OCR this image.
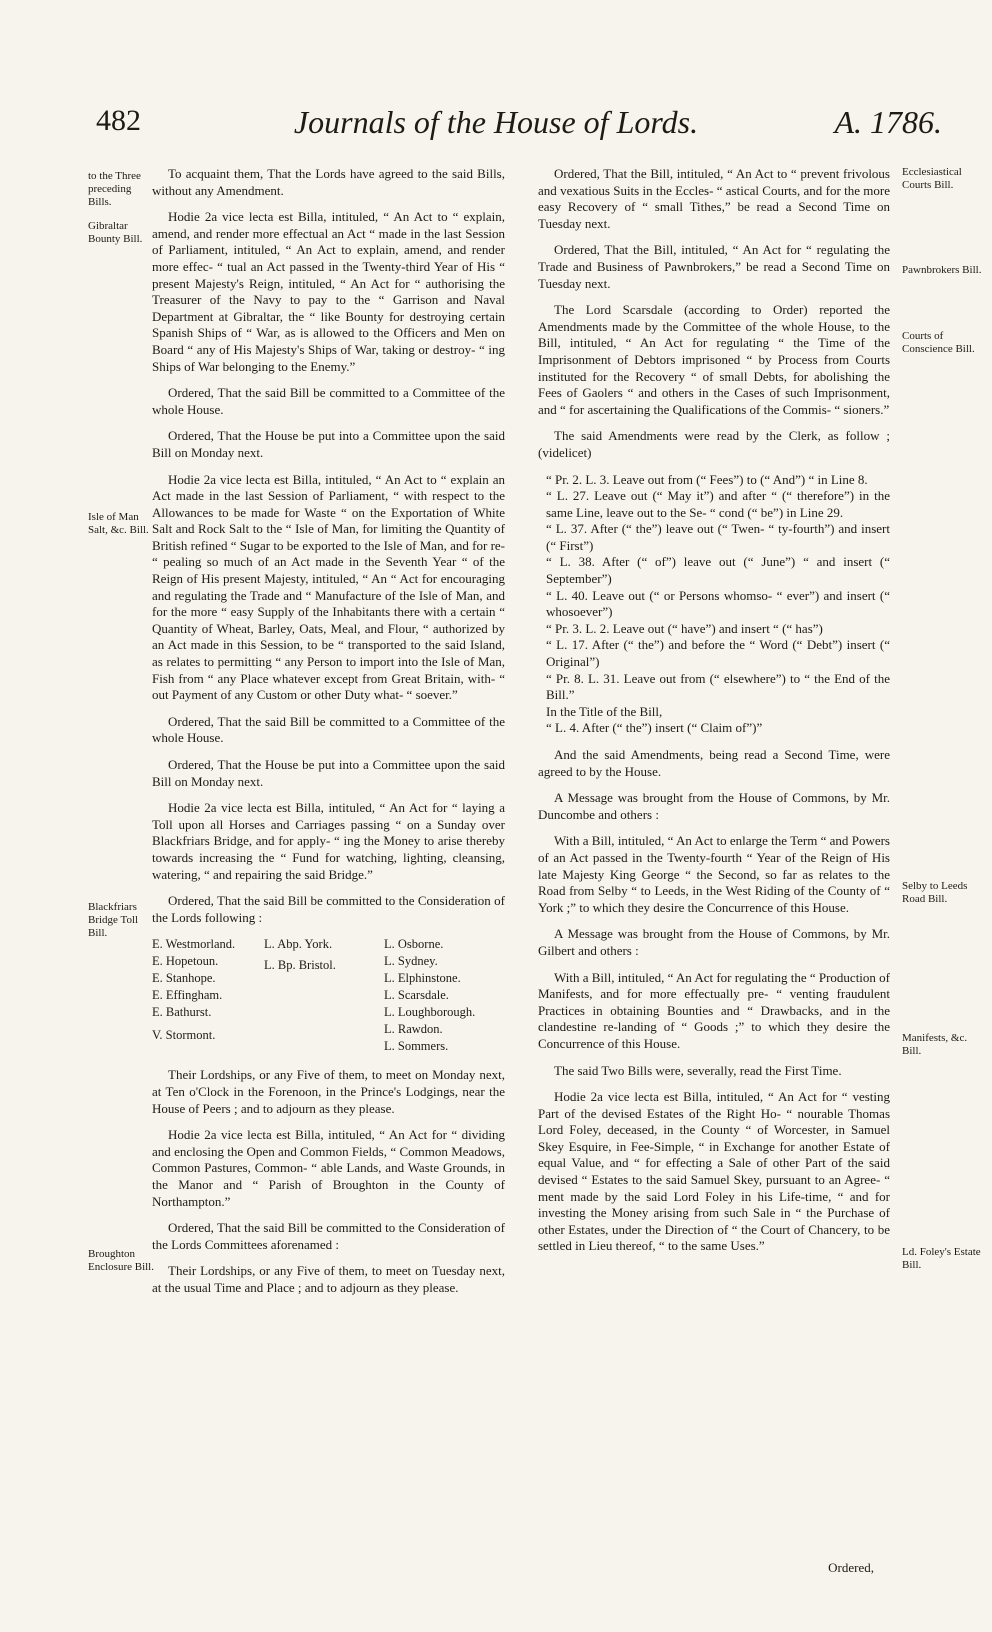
482	Journals of the House of Lords.	A. 1786.
to the Three preceding Bills.
Gibraltar Bounty Bill.
Isle of Man Salt, &c. Bill.
Blackfriars Bridge Toll Bill.
Broughton Enclosure Bill.
Ecclesiastical Courts Bill.
Pawnbrokers Bill.
Courts of Conscience Bill.
Selby to Leeds Road Bill.
Manifests, &c. Bill.
Ld. Foley's Estate Bill.

To acquaint them, That the Lords have agreed to the said Bills, without any Amendment.

Hodie 2a vice lecta est Billa, intituled, “ An Act to “ explain, amend, and render more effectual an Act “ made in the last Session of Parliament, intituled, “ An Act to explain, amend, and render more effec- “ tual an Act passed in the Twenty-third Year of His “ present Majesty's Reign, intituled, “ An Act for “ authorising the Treasurer of the Navy to pay to the “ Garrison and Naval Department at Gibraltar, the “ like Bounty for destroying certain Spanish Ships of “ War, as is allowed to the Officers and Men on Board “ any of His Majesty's Ships of War, taking or destroy- “ ing Ships of War belonging to the Enemy.”

Ordered, That the said Bill be committed to a Committee of the whole House.

Ordered, That the House be put into a Committee upon the said Bill on Monday next.

Hodie 2a vice lecta est Billa, intituled, “ An Act to “ explain an Act made in the last Session of Parliament, “ with respect to the Allowances to be made for Waste “ on the Exportation of White Salt and Rock Salt to the “ Isle of Man, for limiting the Quantity of British refined “ Sugar to be exported to the Isle of Man, and for re- “ pealing so much of an Act made in the Seventh Year “ of the Reign of His present Majesty, intituled, “ An “ Act for encouraging and regulating the Trade and “ Manufacture of the Isle of Man, and for the more “ easy Supply of the Inhabitants there with a certain “ Quantity of Wheat, Barley, Oats, Meal, and Flour, “ authorized by an Act made in this Session, to be “ transported to the said Island, as relates to permitting “ any Person to import into the Isle of Man, Fish from “ any Place whatever except from Great Britain, with- “ out Payment of any Custom or other Duty what- “ soever.”

Ordered, That the said Bill be committed to a Committee of the whole House.

Ordered, That the House be put into a Committee upon the said Bill on Monday next.

Hodie 2a vice lecta est Billa, intituled, “ An Act for “ laying a Toll upon all Horses and Carriages passing “ on a Sunday over Blackfriars Bridge, and for apply- “ ing the Money to arise thereby towards increasing the “ Fund for watching, lighting, cleansing, watering, “ and repairing the said Bridge.”

Ordered, That the said Bill be committed to the Consideration of the Lords following :

E. Westmorland.
E. Hopetoun.
E. Stanhope.
E. Effingham.
E. Bathurst.
V. Stormont.
L. Abp. York.
L. Bp. Bristol.
L. Osborne.
L. Sydney.
L. Elphinstone.
L. Scarsdale.
L. Loughborough.
L. Rawdon.
L. Sommers.

Their Lordships, or any Five of them, to meet on Monday next, at Ten o'Clock in the Forenoon, in the Prince's Lodgings, near the House of Peers ; and to adjourn as they please.

Hodie 2a vice lecta est Billa, intituled, “ An Act for “ dividing and enclosing the Open and Common Fields, “ Common Meadows, Common Pastures, Common- “ able Lands, and Waste Grounds, in the Manor and “ Parish of Broughton in the County of Northampton.”

Ordered, That the said Bill be committed to the Consideration of the Lords Committees aforenamed :

Their Lordships, or any Five of them, to meet on Tuesday next, at the usual Time and Place ; and to adjourn as they please.

Ordered, That the Bill, intituled, “ An Act to “ prevent frivolous and vexatious Suits in the Eccles- “ astical Courts, and for the more easy Recovery of “ small Tithes,” be read a Second Time on Tuesday next.

Ordered, That the Bill, intituled, “ An Act for “ regulating the Trade and Business of Pawnbrokers,” be read a Second Time on Tuesday next.

The Lord Scarsdale (according to Order) reported the Amendments made by the Committee of the whole House, to the Bill, intituled, “ An Act for regulating “ the Time of the Imprisonment of Debtors imprisoned “ by Process from Courts instituted for the Recovery “ of small Debts, for abolishing the Fees of Gaolers “ and others in the Cases of such Imprisonment, and “ for ascertaining the Qualifications of the Commis- “ sioners.”

The said Amendments were read by the Clerk, as follow ; (videlicet)

“ Pr. 2. L. 3. Leave out from (“ Fees”) to (“ And”) “ in Line 8.
“ L. 27. Leave out (“ May it”) and after “ (“ therefore”) in the same Line, leave out to the Se- “ cond (“ be”) in Line 29.
“ L. 37. After (“ the”) leave out (“ Twen- “ ty-fourth”) and insert (“ First”)
“ L. 38. After (“ of”) leave out (“ June”) “ and insert (“ September”)
“ L. 40. Leave out (“ or Persons whomso- “ ever”) and insert (“ whosoever”)
“ Pr. 3. L. 2. Leave out (“ have”) and insert “ (“ has”)
“ L. 17. After (“ the”) and before the “ Word (“ Debt”) insert (“ Original”)
“ Pr. 8. L. 31. Leave out from (“ elsewhere”) to “ the End of the Bill.”
In the Title of the Bill,
“ L. 4. After (“ the”) insert (“ Claim of”)”

And the said Amendments, being read a Second Time, were agreed to by the House.

A Message was brought from the House of Commons, by Mr. Duncombe and others :

With a Bill, intituled, “ An Act to enlarge the Term “ and Powers of an Act passed in the Twenty-fourth “ Year of the Reign of His late Majesty King George “ the Second, so far as relates to the Road from Selby “ to Leeds, in the West Riding of the County of “ York ;” to which they desire the Concurrence of this House.

A Message was brought from the House of Commons, by Mr. Gilbert and others :

With a Bill, intituled, “ An Act for regulating the “ Production of Manifests, and for more effectually pre- “ venting fraudulent Practices in obtaining Bounties and “ Drawbacks, and in the clandestine re-landing of “ Goods ;” to which they desire the Concurrence of this House.

The said Two Bills were, severally, read the First Time.

Hodie 2a vice lecta est Billa, intituled, “ An Act for “ vesting Part of the devised Estates of the Right Ho- “ nourable Thomas Lord Foley, deceased, in the County “ of Worcester, in Samuel Skey Esquire, in Fee-Simple, “ in Exchange for another Estate of equal Value, and “ for effecting a Sale of other Part of the said devised “ Estates to the said Samuel Skey, pursuant to an Agree- “ ment made by the said Lord Foley in his Life-time, “ and for investing the Money arising from such Sale in “ the Purchase of other Estates, under the Direction of “ the Court of Chancery, to be settled in Lieu thereof, “ to the same Uses.”

Ordered,
